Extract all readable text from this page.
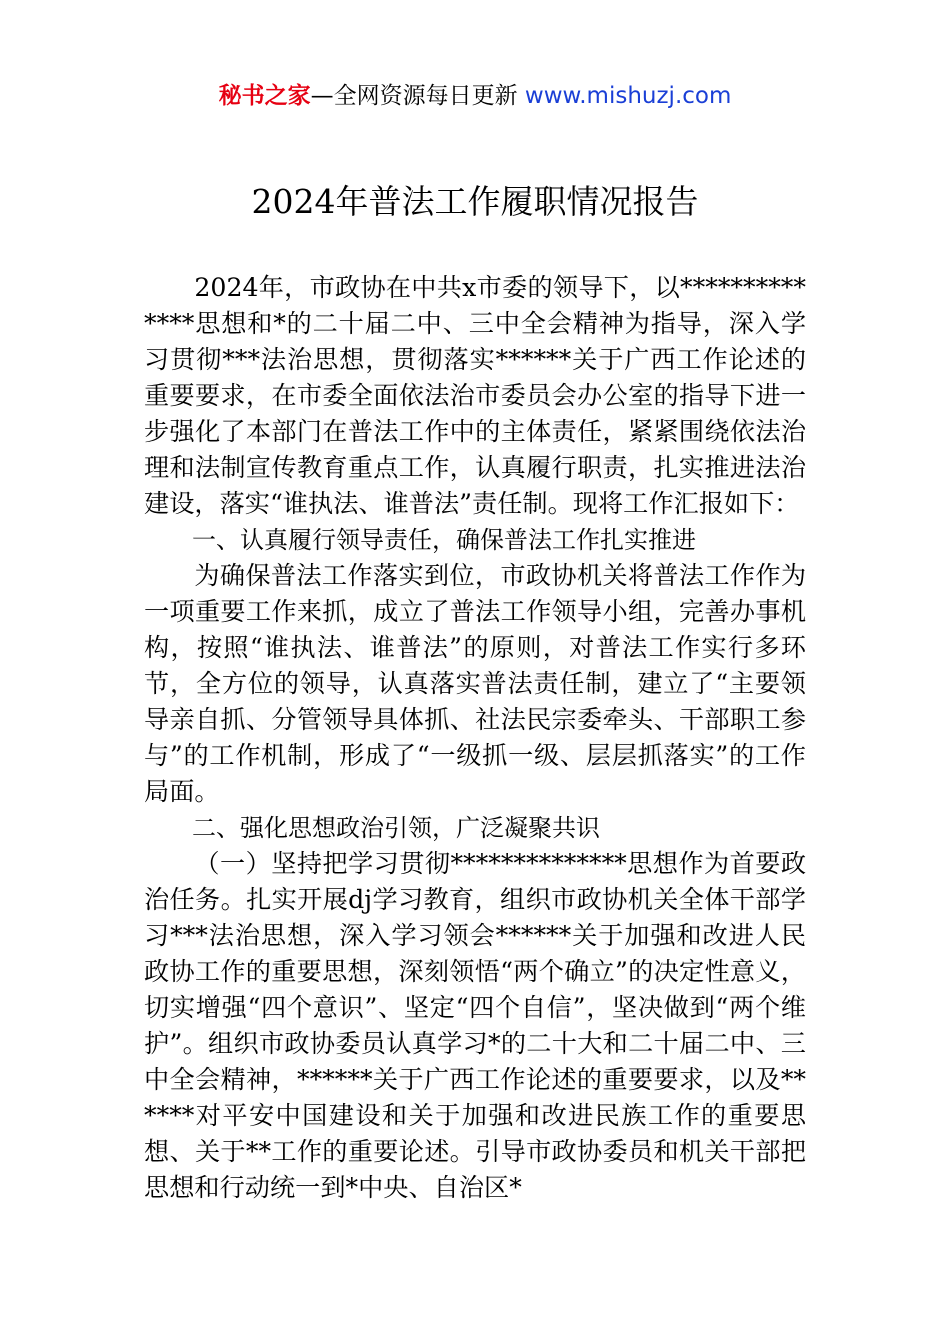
秘书之家—全网资源每日更新 www.mishuzj.com
2024年普法工作履职情况报告

2024年，市政协在中共x市委的领导下，以**************思想和*的二十届二中、三中全会精神为指导，深入学习贯彻***法治思想，贯彻落实******关于广西工作论述的重要要求，在市委全面依法治市委员会办公室的指导下进一步强化了本部门在普法工作中的主体责任，紧紧围绕依法治理和法制宣传教育重点工作，认真履行职责，扎实推进法治建设，落实“谁执法、谁普法”责任制。现将工作汇报如下：

一、认真履行领导责任，确保普法工作扎实推进

为确保普法工作落实到位，市政协机关将普法工作作为一项重要工作来抓，成立了普法工作领导小组，完善办事机构，按照“谁执法、谁普法”的原则，对普法工作实行多环节，全方位的领导，认真落实普法责任制，建立了“主要领导亲自抓、分管领导具体抓、社法民宗委牵头、干部职工参与”的工作机制，形成了“一级抓一级、层层抓落实”的工作局面。

二、强化思想政治引领，广泛凝聚共识

（一）坚持把学习贯彻**************思想作为首要政治任务。扎实开展dj学习教育，组织市政协机关全体干部学习***法治思想，深入学习领会******关于加强和改进人民政协工作的重要思想，深刻领悟“两个确立”的决定性意义，切实增强“四个意识”、坚定“四个自信”，坚决做到“两个维护”。组织市政协委员认真学习*的二十大和二十届二中、三中全会精神，******关于广西工作论述的重要要求，以及******对平安中国建设和关于加强和改进民族工作的重要思想、关于**工作的重要论述。引导市政协委员和机关干部把思想和行动统一到*中央、自治区*
